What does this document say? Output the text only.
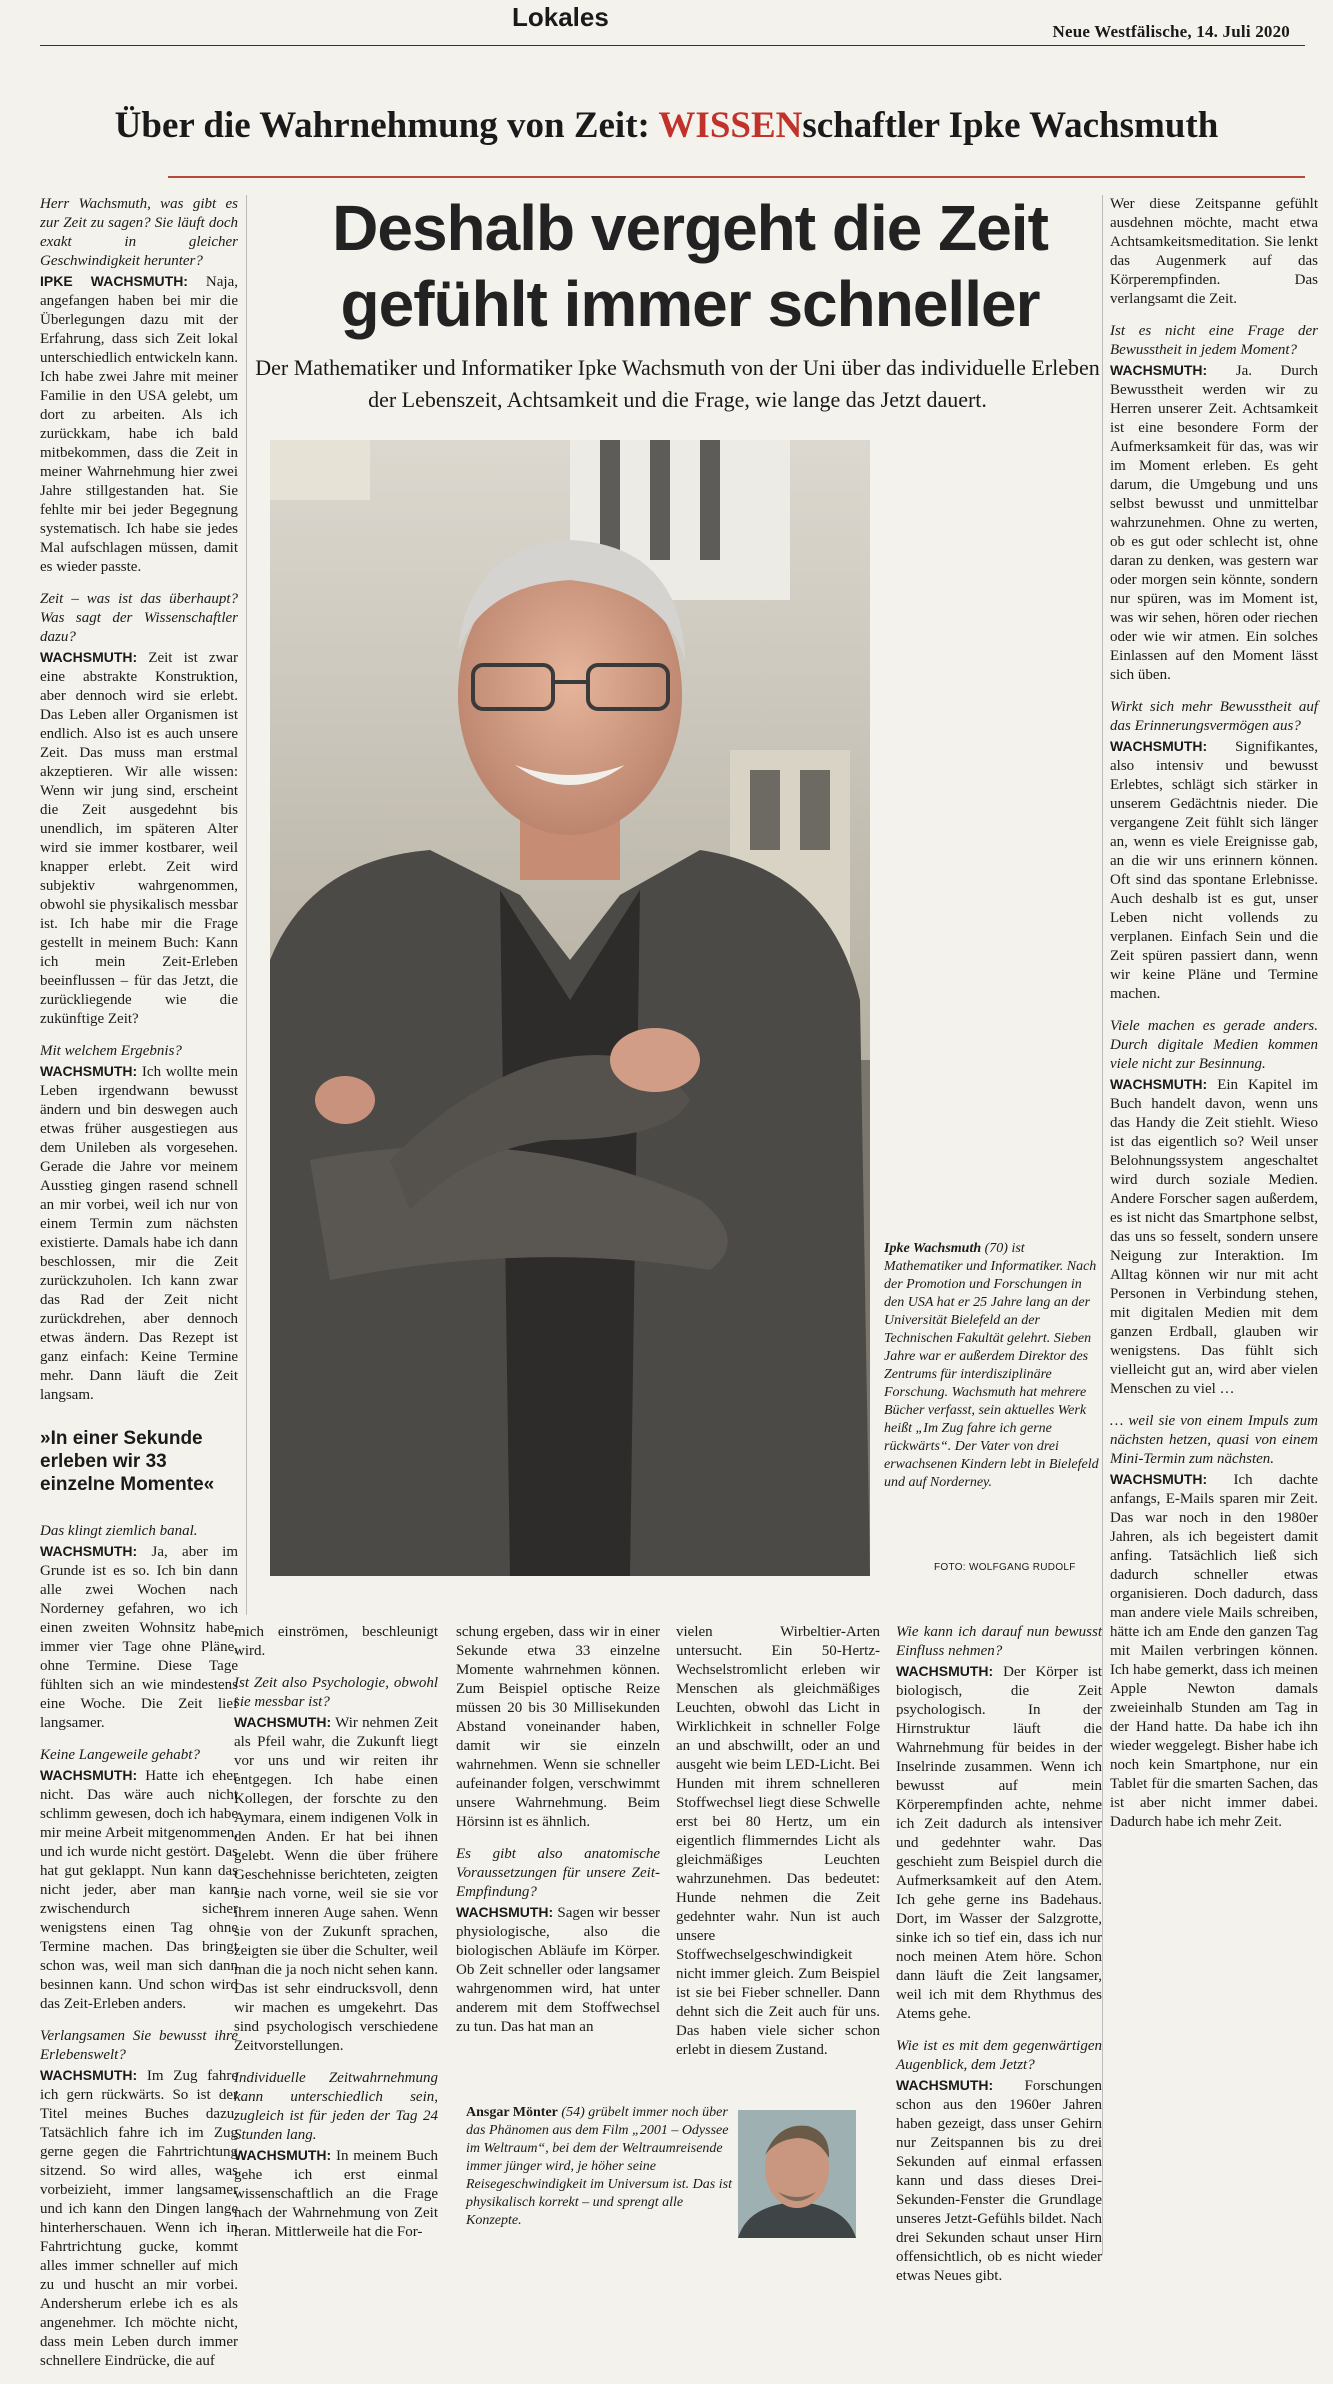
Lokales	Neue Westfälische, 14. Juli 2020
Über die Wahrnehmung von Zeit: WISSENschaftler Ipke Wachsmuth
Deshalb vergeht die Zeit
gefühlt immer schneller
Der Mathematiker und Informatiker Ipke Wachsmuth von der Uni über das individuelle Erleben der Lebenszeit, Achtsamkeit und die Frage, wie lange das Jetzt dauert.

Herr Wachsmuth, was gibt es zur Zeit zu sagen? Sie läuft doch exakt in gleicher Geschwindigkeit herunter?
IPKE WACHSMUTH: Naja, angefangen haben bei mir die Überlegungen dazu mit der Erfahrung, dass sich Zeit lokal unterschiedlich entwickeln kann. Ich habe zwei Jahre mit meiner Familie in den USA gelebt, um dort zu arbeiten. Als ich zurückkam, habe ich bald mitbekommen, dass die Zeit in meiner Wahrnehmung hier zwei Jahre stillgestanden hat. Sie fehlte mir bei jeder Begegnung systematisch. Ich habe sie jedes Mal aufschlagen müssen, damit es wieder passte.

Zeit – was ist das überhaupt? Was sagt der Wissenschaftler dazu?
WACHSMUTH: Zeit ist zwar eine abstrakte Konstruktion, aber dennoch wird sie erlebt. Das Leben aller Organismen ist endlich. Also ist es auch unsere Zeit. Das muss man erstmal akzeptieren. Wir alle wissen: Wenn wir jung sind, erscheint die Zeit ausgedehnt bis unendlich, im späteren Alter wird sie immer kostbarer, weil knapper erlebt. Zeit wird subjektiv wahrgenommen, obwohl sie physikalisch messbar ist. Ich habe mir die Frage gestellt in meinem Buch: Kann ich mein Zeit-Erleben beeinflussen – für das Jetzt, die zurückliegende wie die zukünftige Zeit?

Mit welchem Ergebnis?
WACHSMUTH: Ich wollte mein Leben irgendwann bewusst ändern und bin deswegen auch etwas früher ausgestiegen aus dem Unileben als vorgesehen. Gerade die Jahre vor meinem Ausstieg gingen rasend schnell an mir vorbei, weil ich nur von einem Termin zum nächsten existierte. Damals habe ich dann beschlossen, mir die Zeit zurückzuholen. Ich kann zwar das Rad der Zeit nicht zurückdrehen, aber dennoch etwas ändern. Das Rezept ist ganz einfach: Keine Termine mehr. Dann läuft die Zeit langsam.

»In einer Sekunde erleben wir 33 einzelne Momente«

Das klingt ziemlich banal.
WACHSMUTH: Ja, aber im Grunde ist es so. Ich bin dann alle zwei Wochen nach Norderney gefahren, wo ich einen zweiten Wohnsitz habe, immer vier Tage ohne Pläne, ohne Termine. Diese Tage fühlten sich an wie mindestens eine Woche. Die Zeit lief langsamer.

Keine Langeweile gehabt?
WACHSMUTH: Hatte ich eher nicht. Das wäre auch nicht schlimm gewesen, doch ich habe mir meine Arbeit mitgenommen, und ich wurde nicht gestört. Das hat gut geklappt. Nun kann das nicht jeder, aber man kann zwischendurch sicher wenigstens einen Tag ohne Termine machen. Das bringt schon was, weil man sich dann besinnen kann. Und schon wird das Zeit-Erleben anders.

Verlangsamen Sie bewusst ihre Erlebenswelt?
WACHSMUTH: Im Zug fahre ich gern rückwärts. So ist der Titel meines Buches dazu. Tatsächlich fahre ich im Zug gerne gegen die Fahrtrichtung sitzend. So wird alles, was vorbeizieht, immer langsamer und ich kann den Dingen lange hinterherschauen. Wenn ich in Fahrtrichtung gucke, kommt alles immer schneller auf mich zu und huscht an mir vorbei. Andersherum erlebe ich es als angenehmer. Ich möchte nicht, dass mein Leben durch immer schnellere Eindrücke, die auf

Ipke Wachsmuth (70) ist Mathematiker und Informatiker. Nach der Promotion und Forschungen in den USA hat er 25 Jahre lang an der Universität Bielefeld an der Technischen Fakultät gelehrt. Sieben Jahre war er außerdem Direktor des Zentrums für interdisziplinäre Forschung. Wachsmuth hat mehrere Bücher verfasst, sein aktuelles Werk heißt „Im Zug fahre ich gerne rückwärts“. Der Vater von drei erwachsenen Kindern lebt in Bielefeld und auf Norderney.
FOTO: WOLFGANG RUDOLF

Wer diese Zeitspanne gefühlt ausdehnen möchte, macht etwa Achtsamkeitsmeditation. Sie lenkt das Augenmerk auf das Körperempfinden. Das verlangsamt die Zeit.

Ist es nicht eine Frage der Bewusstheit in jedem Moment?
WACHSMUTH: Ja. Durch Bewusstheit werden wir zu Herren unserer Zeit. Achtsamkeit ist eine besondere Form der Aufmerksamkeit für das, was wir im Moment erleben. Es geht darum, die Umgebung und uns selbst bewusst und unmittelbar wahrzunehmen. Ohne zu werten, ob es gut oder schlecht ist, ohne daran zu denken, was gestern war oder morgen sein könnte, sondern nur spüren, was im Moment ist, was wir sehen, hören oder riechen oder wie wir atmen. Ein solches Einlassen auf den Moment lässt sich üben.

Wirkt sich mehr Bewusstheit auf das Erinnerungsvermögen aus?
WACHSMUTH: Signifikantes, also intensiv und bewusst Erlebtes, schlägt sich stärker in unserem Gedächtnis nieder. Die vergangene Zeit fühlt sich länger an, wenn es viele Ereignisse gab, an die wir uns erinnern können. Oft sind das spontane Erlebnisse. Auch deshalb ist es gut, unser Leben nicht vollends zu verplanen. Einfach Sein und die Zeit spüren passiert dann, wenn wir keine Pläne und Termine machen.

Viele machen es gerade anders. Durch digitale Medien kommen viele nicht zur Besinnung.
WACHSMUTH: Ein Kapitel im Buch handelt davon, wenn uns das Handy die Zeit stiehlt. Wieso ist das eigentlich so? Weil unser Belohnungssystem angeschaltet wird durch soziale Medien. Andere Forscher sagen außerdem, es ist nicht das Smartphone selbst, das uns so fesselt, sondern unsere Neigung zur Interaktion. Im Alltag können wir nur mit acht Personen in Verbindung stehen, mit digitalen Medien mit dem ganzen Erdball, glauben wir wenigstens. Das fühlt sich vielleicht gut an, wird aber vielen Menschen zu viel …

… weil sie von einem Impuls zum nächsten hetzen, quasi von einem Mini-Termin zum nächsten.
WACHSMUTH: Ich dachte anfangs, E-Mails sparen mir Zeit. Das war noch in den 1980er Jahren, als ich begeistert damit anfing. Tatsächlich ließ sich dadurch schneller etwas organisieren. Doch dadurch, dass man andere viele Mails schreiben, hätte ich am Ende den ganzen Tag mit Mailen verbringen können. Ich habe gemerkt, dass ich meinen Apple Newton damals zweieinhalb Stunden am Tag in der Hand hatte. Da habe ich ihn wieder weggelegt. Bisher habe ich noch kein Smartphone, nur ein Tablet für die smarten Sachen, das ist aber nicht immer dabei. Dadurch habe ich mehr Zeit.

mich einströmen, beschleunigt wird.

Ist Zeit also Psychologie, obwohl sie messbar ist?
WACHSMUTH: Wir nehmen Zeit als Pfeil wahr, die Zukunft liegt vor uns und wir reiten ihr entgegen. Ich habe einen Kollegen, der forschte zu den Aymara, einem indigenen Volk in den Anden. Er hat bei ihnen gelebt. Wenn die über frühere Geschehnisse berichteten, zeigten sie nach vorne, weil sie sie vor ihrem inneren Auge sahen. Wenn sie von der Zukunft sprachen, zeigten sie über die Schulter, weil man die ja noch nicht sehen kann. Das ist sehr eindrucksvoll, denn wir machen es umgekehrt. Das sind psychologisch verschiedene Zeitvorstellungen.

Individuelle Zeitwahrnehmung kann unterschiedlich sein, zugleich ist für jeden der Tag 24 Stunden lang.
WACHSMUTH: In meinem Buch gehe ich erst einmal wissenschaftlich an die Frage nach der Wahrnehmung von Zeit heran. Mittlerweile hat die For-

schung ergeben, dass wir in einer Sekunde etwa 33 einzelne Momente wahrnehmen können. Zum Beispiel optische Reize müssen 20 bis 30 Millisekunden Abstand voneinander haben, damit wir sie einzeln wahrnehmen. Wenn sie schneller aufeinander folgen, verschwimmt unsere Wahrnehmung. Beim Hörsinn ist es ähnlich.

Es gibt also anatomische Voraussetzungen für unsere Zeit-Empfindung?
WACHSMUTH: Sagen wir besser physiologische, also die biologischen Abläufe im Körper. Ob Zeit schneller oder langsamer wahrgenommen wird, hat unter anderem mit dem Stoffwechsel zu tun. Das hat man an

vielen Wirbeltier-Arten untersucht. Ein 50-Hertz-Wechselstromlicht erleben wir Menschen als gleichmäßiges Leuchten, obwohl das Licht in Wirklichkeit in schneller Folge an und abschwillt, oder an und ausgeht wie beim LED-Licht. Bei Hunden mit ihrem schnelleren Stoffwechsel liegt diese Schwelle erst bei 80 Hertz, um ein eigentlich flimmerndes Licht als gleichmäßiges Leuchten wahrzunehmen. Das bedeutet: Hunde nehmen die Zeit gedehnter wahr. Nun ist auch unsere Stoffwechselgeschwindigkeit nicht immer gleich. Zum Beispiel ist sie bei Fieber schneller. Dann dehnt sich die Zeit auch für uns. Das haben viele sicher schon erlebt in diesem Zustand.

Wie kann ich darauf nun bewusst Einfluss nehmen?
WACHSMUTH: Der Körper ist biologisch, die Zeit psychologisch. In der Hirnstruktur läuft die Wahrnehmung für beides in der Inselrinde zusammen. Wenn ich bewusst auf mein Körperempfinden achte, nehme ich Zeit dadurch als intensiver und gedehnter wahr. Das geschieht zum Beispiel durch die Aufmerksamkeit auf den Atem. Ich gehe gerne ins Badehaus. Dort, im Wasser der Salzgrotte, sinke ich so tief ein, dass ich nur noch meinen Atem höre. Schon dann läuft die Zeit langsamer, weil ich mit dem Rhythmus des Atems gehe.

Wie ist es mit dem gegenwärtigen Augenblick, dem Jetzt?
WACHSMUTH: Forschungen schon aus den 1960er Jahren haben gezeigt, dass unser Gehirn nur Zeitspannen bis zu drei Sekunden auf einmal erfassen kann und dass dieses Drei-Sekunden-Fenster die Grundlage unseres Jetzt-Gefühls bildet. Nach drei Sekunden schaut unser Hirn offensichtlich, ob es nicht wieder etwas Neues gibt.

Ansgar Mönter (54) grübelt immer noch über das Phänomen aus dem Film „2001 – Odyssee im Weltraum“, bei dem der Weltraumreisende immer jünger wird, je höher seine Reisegeschwindigkeit im Universum ist. Das ist physikalisch korrekt – und sprengt alle Konzepte.
